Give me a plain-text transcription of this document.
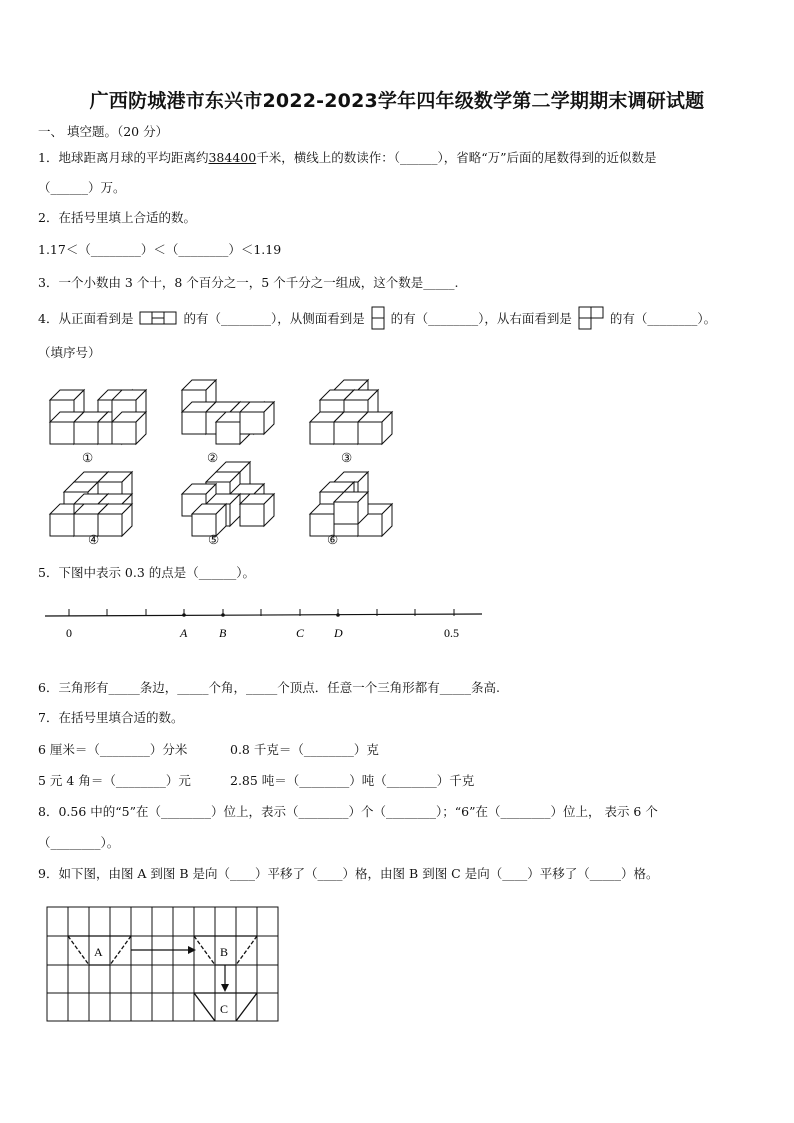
广西防城港市东兴市2022-2023学年四年级数学第二学期期末调研试题
一、 填空题。（20 分）
1．地球距离月球的平均距离约384400千米，横线上的数读作：（______），省略“万”后面的尾数得到的近似数是
（______）万。
2．在括号里填上合适的数。
1.17＜（________）＜（________）＜1.19
3．一个小数由 3 个十，8 个百分之一，5 个千分之一组成，这个数是_____.
4．从正面看到是	的有（________），从侧面看到是 的有（________），从右面看到是	的有（________）。
（填序号）
①	②	③
④	⑤	⑥
5．下图中表示 0.3 的点是（______）。
0	A	B	C D	0.5
6．三角形有_____条边，_____个角，_____个顶点．任意一个三角形都有_____条高.
7．在括号里填合适的数。
6 厘米＝（________）分米	0.8 千克＝（________）克
5 元 4 角＝（________）元	2.85 吨＝（________）吨（________）千克
8．0.56 中的“5”在（________）位上，表示（________）个（________）；“6”在（________）位上， 表示 6 个
（________）。
9．如下图，由图 A 到图 B 是向（____）平移了（____）格，由图 B 到图 C 是向（____）平移了（_____）格。
A	B
C
